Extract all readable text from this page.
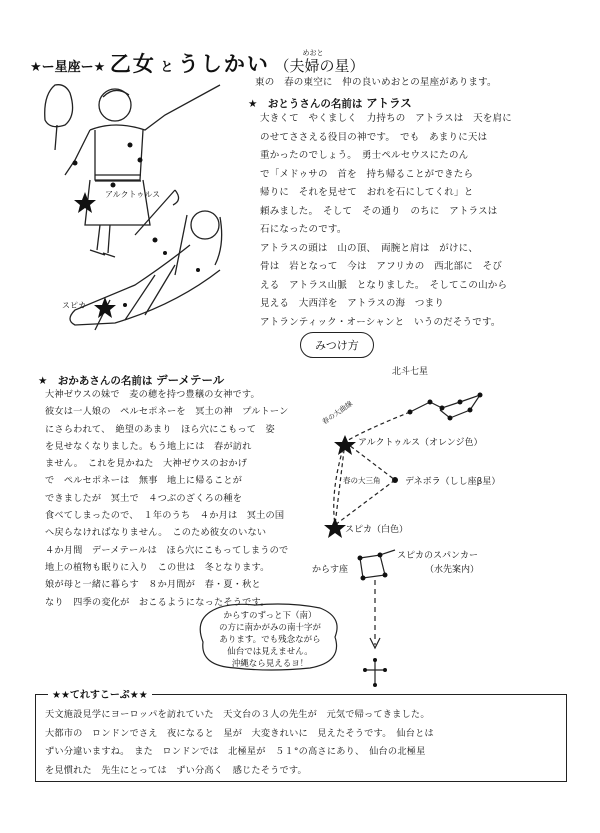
★ー星座ー★ 乙女 と うしかい	めおと
（夫婦の星）
アルクトゥルス
スピカ
東の　春の東空に　仲の良いめおとの星座があります。
★　おとうさんの名前は アトラス
大きくて　やくましく　力持ちの　アトラスは　天を肩に
のせてささえる役目の神です。　でも　あまりに天は
重かったのでしょう。　勇士ペルセウスにたのん
で「メドゥサの　首を　持ち帰ることができたら
帰りに　それを見せて　おれを石にしてくれ」と
頼みました。　そして　その通り　のちに　アトラスは
石になったのです。
アトラスの頭は　山の頂、　両腕と肩は　がけに、
骨は　岩となって　今は　アフリカの　西北部に　そび
える　アトラス山脈　となりました。　そしてこの山から
見える　大西洋を　アトラスの海　つまり
アトランティック・オーシャンと　いうのだそうです。
みつけ方
★　おかあさんの名前は デーメテール
大神ゼウスの妹で　麦の穂を持つ豊穣の女神です。
彼女は一人娘の　ペルセポネーを　冥土の神　プルトーン
にさらわれて、　絶望のあまり　ほら穴にこもって　姿
を見せなくなりました。もう地上には　春が訪れ
ません。　これを見かねた　大神ゼウスのおかげ
で　ペルセポネーは　無事　地上に帰ることが
できましたが　冥土で　４つぶのざくろの種を
食べてしまったので、　１年のうち　４か月は　冥土の国
へ戻らなければなりません。　このため彼女のいない
４か月間　デーメテールは　ほら穴にこもってしまうので
地上の植物も眠りに入り　この世は　冬となります。
娘が母と一緒に暮らす　８か月間が　春・夏・秋と
なり　四季の変化が　おこるようになったそうです。
北斗七星
春の大曲線
アルクトゥルス（オレンジ色）
春の大三角	デネボラ（しし座β星）
スピカ（白色）
スピカのスパンカー
（水先案内）
からす座
からすのずっと下（南）
の方に南かがみの南十字が
あります。でも残念ながら
仙台では見えません。
沖縄なら見えるヨ！
★★てれすこーぷ★★
天文施設見学にヨーロッパを訪れていた　天文台の３人の先生が　元気で帰ってきました。
大都市の　ロンドンでさえ　夜になると　星が　大変きれいに　見えたそうです。　仙台とは
ずい分違いますね。　また　ロンドンでは　北極星が　５１°の高さにあり、　仙台の北極星
を見慣れた　先生にとっては　ずい分高く　感じたそうです。
